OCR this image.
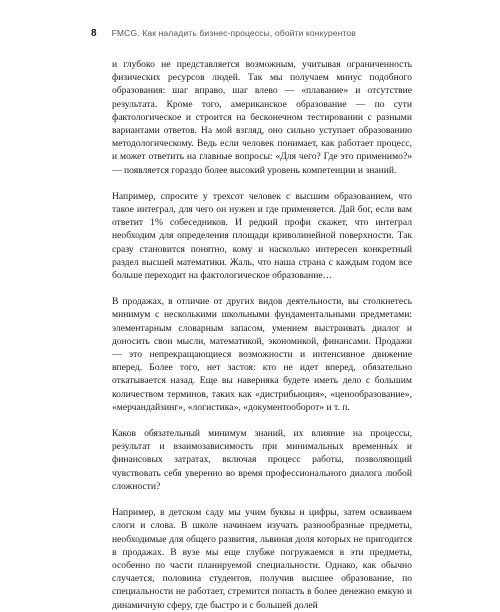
8 FMCG. Как наладить бизнес-процессы, обойти конкурентов

и глубоко не представляется возможным, учитывая ограниченность физических ресурсов людей. Так мы получаем минус подобного образования: шаг вправо, шаг влево — «плавание» и отсутствие результата. Кроме того, американское образование — по сути фактологическое и строится на бесконечном тестировании с разными вариантами ответов. На мой взгляд, оно сильно уступает образованию методологическому. Ведь если человек понимает, как работает процесс, и может ответить на главные вопросы: «Для чего? Где это применимо?» — появляется гораздо более высокий уровень компетенции и знаний.

Например, спросите у трехсот человек с высшим образованием, что такое интеграл, для чего он нужен и где применяется. Дай бог, если вам ответит 1% собеседников. И редкий профи скажет, что интеграл необходим для определения площади криволинейной поверхности. Так сразу становится понятно, кому и насколько интересен конкретный раздел высшей математики. Жаль, что наша страна с каждым годом все больше переходит на фактологическое образование…

В продажах, в отличие от других видов деятельности, вы столкнетесь минимум с несколькими школьными фундаментальными предметами: элементарным словарным запасом, умением выстраивать диалог и доносить свои мысли, математикой, экономикой, финансами. Продажи — это непрекращающиеся возможности и интенсивное движение вперед. Более того, нет застоя: кто не идет вперед, обязательно откатывается назад. Еще вы наверняка будете иметь дело с большим количеством терминов, таких как «дистрибьюция», «ценообразование», «мерчандайзинг», «логистика», «документооборот» и т. п.

Каков обязательный минимум знаний, их влияние на процессы, результат и взаимозависимость при минимальных временны́х и финансовых затратах, включая процесс работы, позволяющий чувствовать себя уверенно во время профессионального диалога любой сложности?

Например, в детском саду мы учим буквы и цифры, затем осваиваем слоги и слова. В школе начинаем изучать разнообразные предметы, необходимые для общего развития, львиная доля которых не пригодится в продажах. В вузе мы еще глубже погружаемся в эти предметы, особенно по части планируемой специальности. Однако, как обычно случается, половина студентов, получив высшее образование, по специальности не работает, стремится попасть в более денежно емкую и динамичную сферу, где быстро и с большей долей
